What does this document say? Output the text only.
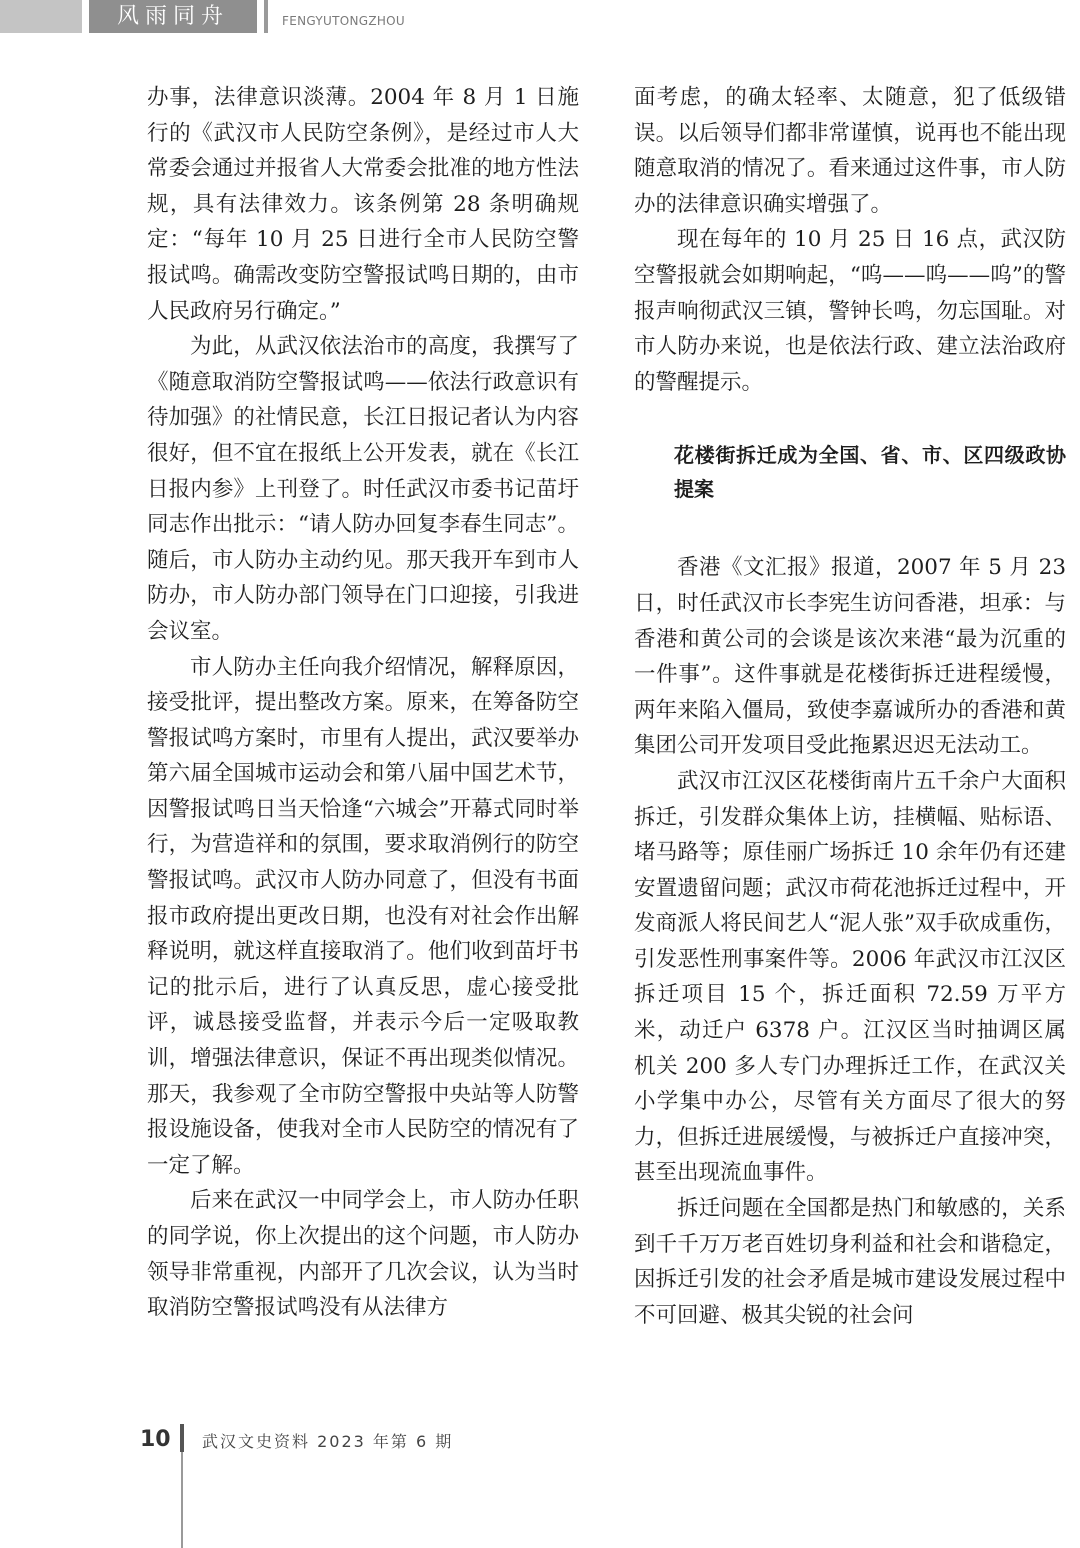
风雨同舟	FENGYUTONGZHOU

办事，法律意识淡薄。2004 年 8 月 1 日施行的《武汉市人民防空条例》，是经过市人大常委会通过并报省人大常委会批准的地方性法规，具有法律效力。该条例第 28 条明确规定：“每年 10 月 25 日进行全市人民防空警报试鸣。确需改变防空警报试鸣日期的，由市人民政府另行确定。”

为此，从武汉依法治市的高度，我撰写了《随意取消防空警报试鸣——依法行政意识有待加强》的社情民意，长江日报记者认为内容很好，但不宜在报纸上公开发表，就在《长江日报内参》上刊登了。时任武汉市委书记苗圩同志作出批示：“请人防办回复李春生同志”。随后，市人防办主动约见。那天我开车到市人防办，市人防办部门领导在门口迎接，引我进会议室。

市人防办主任向我介绍情况，解释原因，接受批评，提出整改方案。原来，在筹备防空警报试鸣方案时，市里有人提出，武汉要举办第六届全国城市运动会和第八届中国艺术节，因警报试鸣日当天恰逢“六城会”开幕式同时举行，为营造祥和的氛围，要求取消例行的防空警报试鸣。武汉市人防办同意了，但没有书面报市政府提出更改日期，也没有对社会作出解释说明，就这样直接取消了。他们收到苗圩书记的批示后，进行了认真反思，虚心接受批评，诚恳接受监督，并表示今后一定吸取教训，增强法律意识，保证不再出现类似情况。那天，我参观了全市防空警报中央站等人防警报设施设备，使我对全市人民防空的情况有了一定了解。

后来在武汉一中同学会上，市人防办任职的同学说，你上次提出的这个问题，市人防办领导非常重视，内部开了几次会议，认为当时取消防空警报试鸣没有从法律方

面考虑，的确太轻率、太随意，犯了低级错误。以后领导们都非常谨慎，说再也不能出现随意取消的情况了。看来通过这件事，市人防办的法律意识确实增强了。

现在每年的 10 月 25 日 16 点，武汉防空警报就会如期响起，“呜——呜——呜”的警报声响彻武汉三镇，警钟长鸣，勿忘国耻。对市人防办来说，也是依法行政、建立法治政府的警醒提示。

花楼街拆迁成为全国、省、市、区四级政协提案

香港《文汇报》报道，2007 年 5 月 23 日，时任武汉市长李宪生访问香港，坦承：与香港和黄公司的会谈是该次来港“最为沉重的一件事”。这件事就是花楼街拆迁进程缓慢，两年来陷入僵局，致使李嘉诚所办的香港和黄集团公司开发项目受此拖累迟迟无法动工。

武汉市江汉区花楼街南片五千余户大面积拆迁，引发群众集体上访，挂横幅、贴标语、堵马路等；原佳丽广场拆迁 10 余年仍有还建安置遗留问题；武汉市荷花池拆迁过程中，开发商派人将民间艺人“泥人张”双手砍成重伤，引发恶性刑事案件等。2006 年武汉市江汉区拆迁项目 15 个，拆迁面积 72.59 万平方米，动迁户 6378 户。江汉区当时抽调区属机关 200 多人专门办理拆迁工作，在武汉关小学集中办公，尽管有关方面尽了很大的努力，但拆迁进展缓慢，与被拆迁户直接冲突，甚至出现流血事件。

拆迁问题在全国都是热门和敏感的，关系到千千万万老百姓切身利益和社会和谐稳定，因拆迁引发的社会矛盾是城市建设发展过程中不可回避、极其尖锐的社会问

10 武汉文史资料 2023 年第 6 期
